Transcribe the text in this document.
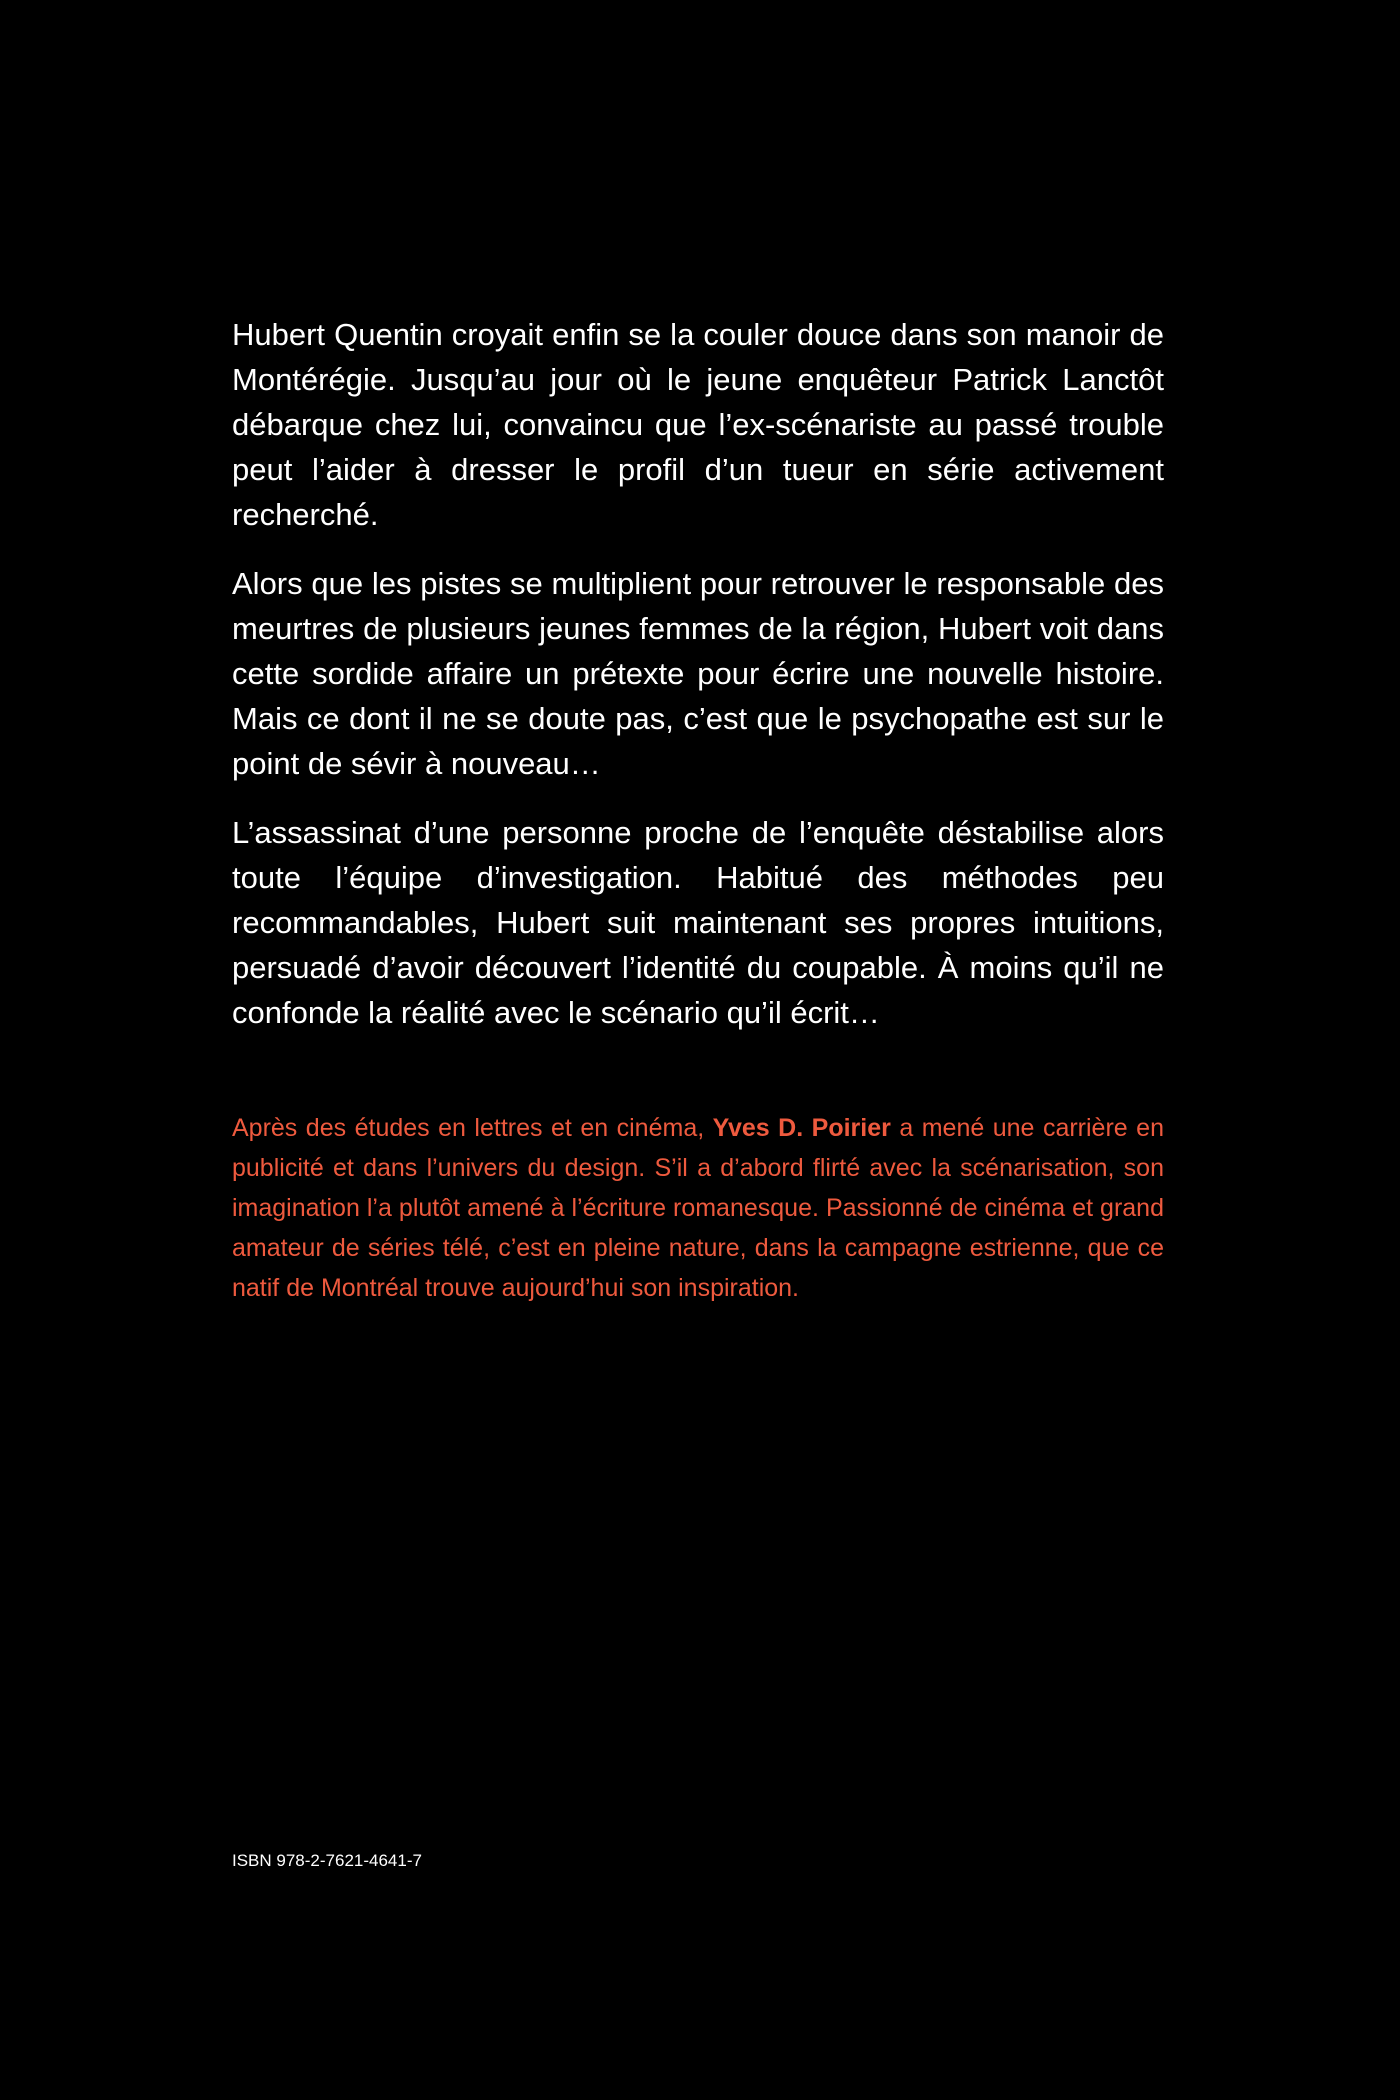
Hubert Quentin croyait enfin se la couler douce dans son manoir de Montérégie. Jusqu’au jour où le jeune enquêteur Patrick Lanctôt débarque chez lui, convaincu que l’ex-scénariste au passé trouble peut l’aider à dresser le profil d’un tueur en série activement recherché.

Alors que les pistes se multiplient pour retrouver le responsable des meurtres de plusieurs jeunes femmes de la région, Hubert voit dans cette sordide affaire un prétexte pour écrire une nouvelle histoire. Mais ce dont il ne se doute pas, c’est que le psychopathe est sur le point de sévir à nouveau…

L’assassinat d’une personne proche de l’enquête déstabilise alors toute l’équipe d’investigation. Habitué des méthodes peu recommandables, Hubert suit maintenant ses propres intuitions, persuadé d’avoir découvert l’identité du coupable. À moins qu’il ne confonde la réalité avec le scénario qu’il écrit…

Après des études en lettres et en cinéma, Yves D. Poirier a mené une carrière en publicité et dans l’univers du design. S’il a d’abord flirté avec la scénarisation, son imagination l’a plutôt amené à l’écriture romanesque. Passionné de cinéma et grand amateur de séries télé, c’est en pleine nature, dans la campagne estrienne, que ce natif de Montréal trouve aujourd’hui son inspiration.

ISBN 978-2-7621-4641-7
